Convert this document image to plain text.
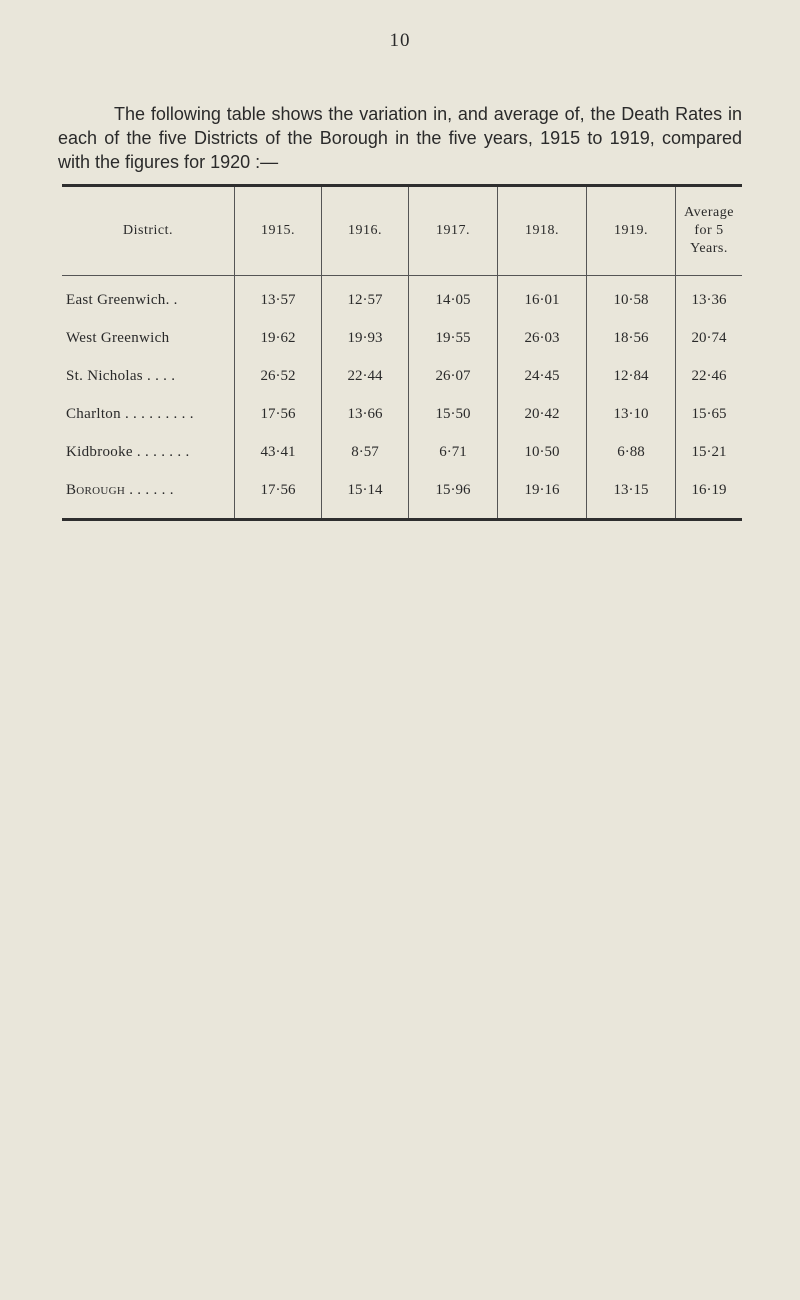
10

The following table shows the variation in, and average of, the Death Rates in each of the five Districts of the Borough in the five years, 1915 to 1919, compared with the figures for 1920 :—

District.	1915.	1916.	1917.	1918.	1919.	Average for 5 Years.
East Greenwich. .	13·57	12·57	14·05	16·01	10·58	13·36
West Greenwich	19·62	19·93	19·55	26·03	18·56	20·74
St. Nicholas . . . .	26·52	22·44	26·07	24·45	12·84	22·46
Charlton . . . . . . . . .	17·56	13·66	15·50	20·42	13·10	15·65
Kidbrooke . . . . . . .	43·41	8·57	6·71	10·50	6·88	15·21
Borough . . . . . .	17·56	15·14	15·96	19·16	13·15	16·19
